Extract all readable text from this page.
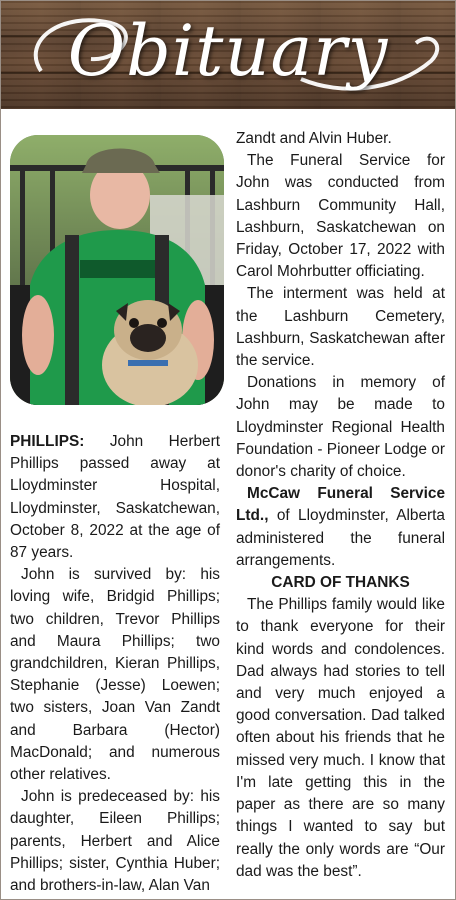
Obituary

PHILLIPS: John Herbert Phillips passed away at Lloydminster Hospital, Lloydminster, Saskatchewan, October 8, 2022 at the age of 87 years.

John is survived by: his loving wife, Bridgid Phillips; two children, Trevor Phillips and Maura Phillips; two grandchildren, Kieran Phillips, Stephanie (Jesse) Loewen; two sisters, Joan Van Zandt and Barbara (Hector) MacDonald; and numerous other relatives.

John is predeceased by: his daughter, Eileen Phillips; parents, Herbert and Alice Phillips; sister, Cynthia Huber; and brothers-in-law, Alan Van

Zandt and Alvin Huber.

The Funeral Service for John was conducted from Lashburn Community Hall, Lashburn, Saskatchewan on Friday, October 17, 2022 with Carol Mohrbutter officiating.

The interment was held at the Lashburn Cemetery, Lashburn, Saskatchewan after the service.

Donations in memory of John may be made to Lloydminster Regional Health Foundation - Pioneer Lodge or donor's charity of choice.

McCaw Funeral Service Ltd., of Lloydminster, Alberta administered the funeral arrangements.

CARD OF THANKS

The Phillips family would like to thank everyone for their kind words and condolences. Dad always had stories to tell and very much enjoyed a good conversation. Dad talked often about his friends that he missed very much. I know that I'm late getting this in the paper as there are so many things I wanted to say but really the only words are “Our dad was the best”.
